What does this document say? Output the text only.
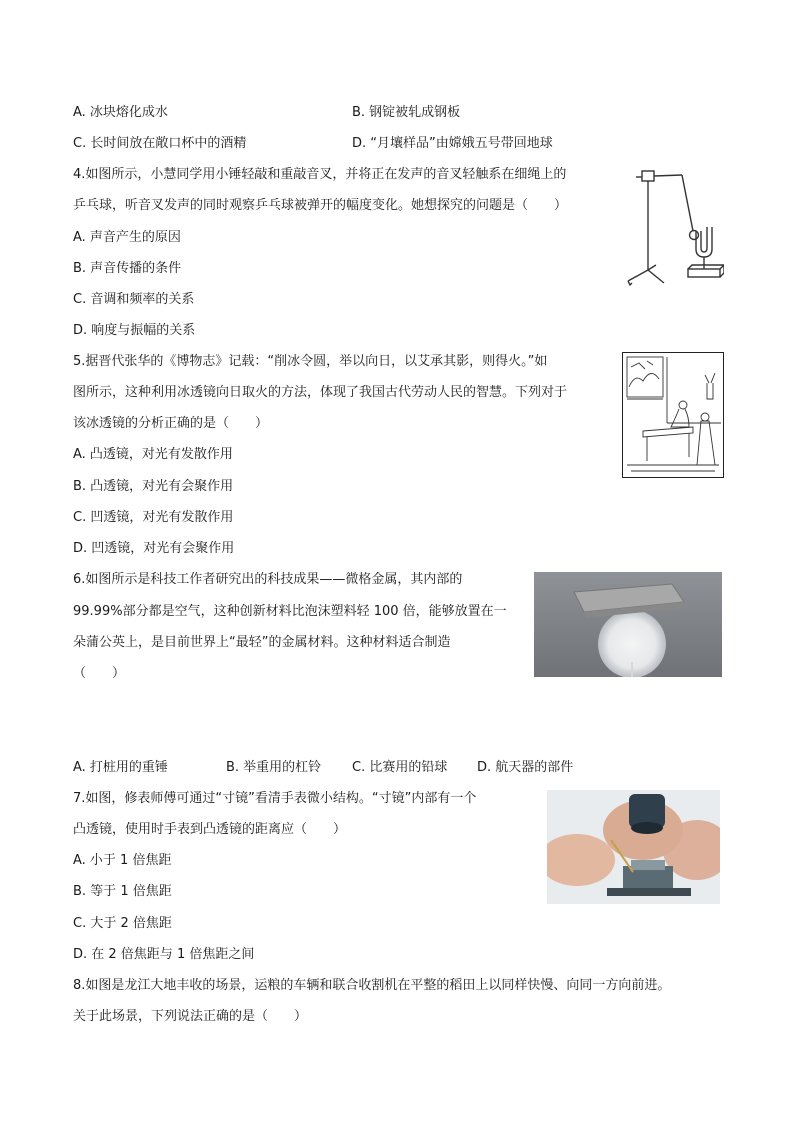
A. 冰块熔化成水	B. 钢锭被轧成钢板
C. 长时间放在敞口杯中的酒精	D. “月壤样品”由嫦娥五号带回地球
4.如图所示，小慧同学用小锤轻敲和重敲音叉，并将正在发声的音叉轻触系在细绳上的
乒乓球，听音叉发声的同时观察乒乓球被弹开的幅度变化。她想探究的问题是（　　）
A. 声音产生的原因
B. 声音传播的条件
C. 音调和频率的关系
D. 响度与振幅的关系
5.据晋代张华的《博物志》记载：“削冰令圆，举以向日，以艾承其影，则得火。”如
图所示，这种利用冰透镜向日取火的方法，体现了我国古代劳动人民的智慧。下列对于
该冰透镜的分析正确的是（　　）
A. 凸透镜，对光有发散作用
B. 凸透镜，对光有会聚作用
C. 凹透镜，对光有发散作用
D. 凹透镜，对光有会聚作用
6.如图所示是科技工作者研究出的科技成果——微格金属，其内部的
99.99%部分都是空气，这种创新材料比泡沫塑料轻 100 倍，能够放置在一
朵蒲公英上，是目前世界上“最轻”的金属材料。这种材料适合制造
（　　）
A. 打桩用的重锤	B. 举重用的杠铃 C. 比赛用的铅球 D. 航天器的部件
7.如图，修表师傅可通过“寸镜”看清手表微小结构。“寸镜”内部有一个
凸透镜，使用时手表到凸透镜的距离应（　　）
A. 小于 1 倍焦距
B. 等于 1 倍焦距
C. 大于 2 倍焦距
D. 在 2 倍焦距与 1 倍焦距之间
8.如图是龙江大地丰收的场景，运粮的车辆和联合收割机在平整的稻田上以同样快慢、向同一方向前进。
关于此场景，下列说法正确的是（　　）
